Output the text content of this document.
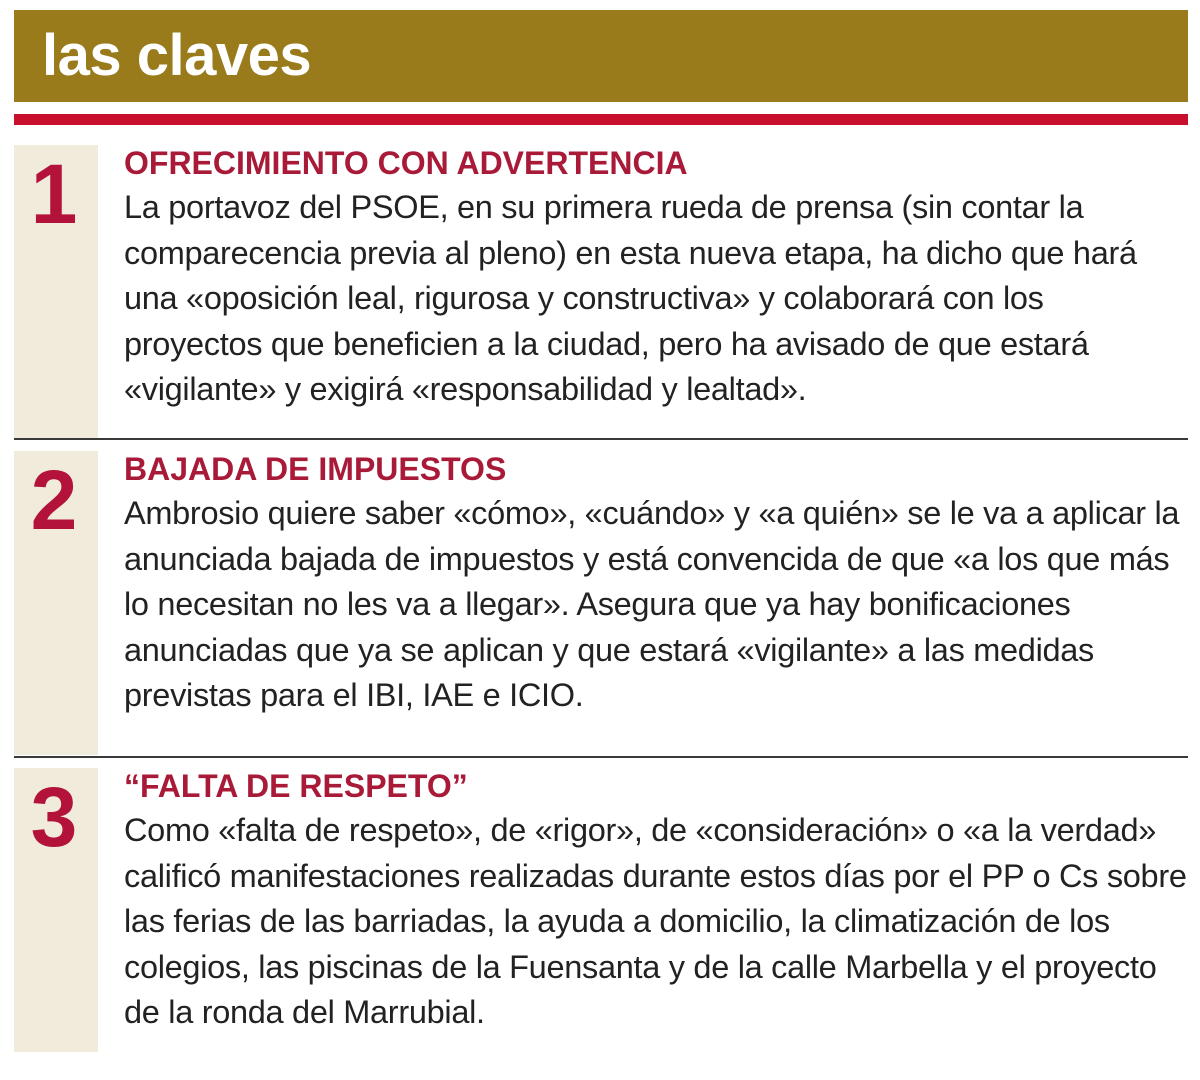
las claves
1	OFRECIMIENTO CON ADVERTENCIA
La portavoz del PSOE, en su primera rueda de prensa (sin contar la comparecencia previa al pleno) en esta nueva etapa, ha dicho que hará una «oposición leal, rigurosa y constructiva» y colaborará con los proyectos que beneficien a la ciudad, pero ha avisado de que estará «vigilante» y exigirá «responsabilidad y lealtad».
2	BAJADA DE IMPUESTOS
Ambrosio quiere saber «cómo», «cuándo» y «a quién» se le va a aplicar la anunciada bajada de impuestos y está convencida de que «a los que más lo necesitan no les va a llegar». Asegura que ya hay bonificaciones anunciadas que ya se aplican y que estará «vigilante» a las medidas previstas para el IBI, IAE e ICIO.
3	“FALTA DE RESPETO”
Como «falta de respeto», de «rigor», de «consideración» o «a la verdad» calificó manifestaciones realizadas durante estos días por el PP o Cs sobre las ferias de las barriadas, la ayuda a domicilio, la climatización de los colegios, las piscinas de la Fuensanta y de la calle Marbella y el proyecto de la ronda del Marrubial.
